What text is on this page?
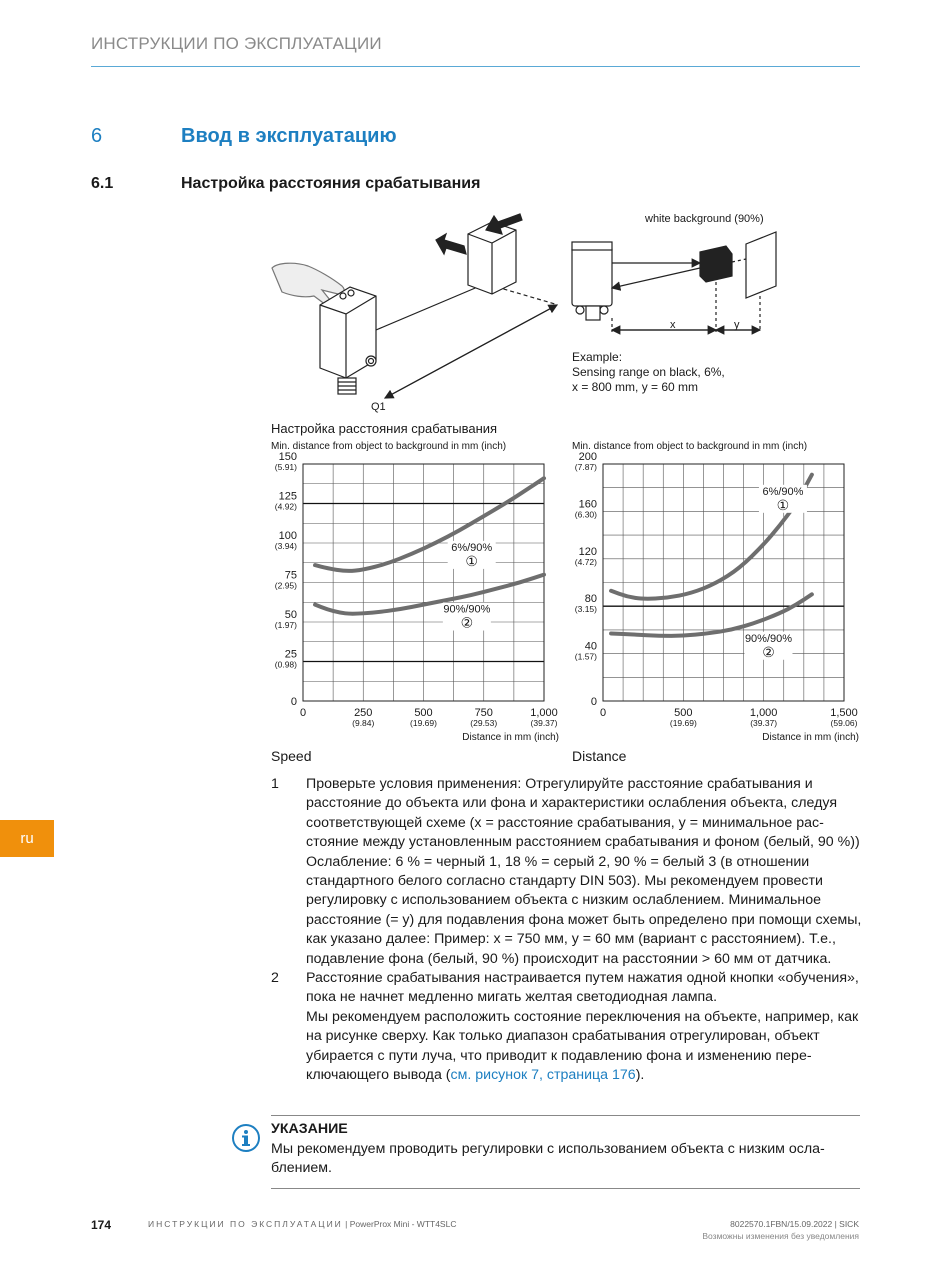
ИНСТРУКЦИИ ПО ЭКСПЛУАТАЦИИ
6	Ввод в эксплуатацию
6.1	Настройка расстояния срабатывания
ru
Q1
white background (90%)
x	y
Example:
Sensing range on black, 6%,
x = 800 mm, y = 60 mm
Настройка расстояния срабатывания
Min. distance from object to background in mm (inch)
Distance in mm (inch)
Speed
0
25
(0.98)
50
(1.97)
75
(2.95)
100
(3.94)
125
(4.92)
150
(5.91)
0	250
(9.84)
500
(19.69)
750
(29.53)
1,000
(39.37)
6%/90%
①
90%/90%
②
Min. distance from object to background in mm (inch)
Distance in mm (inch)
Distance
0
40
(1.57)
80
(3.15)
120
(4.72)
160
(6.30)
200
(7.87)
0	500
(19.69)
1,000
(39.37)
1,500
(59.06)
6%/90%
①
90%/90%
②
1	Проверьте условия применения: Отрегулируйте расстояние срабатывания и расстояние до объекта или фона и характеристики ослабления объекта, следуя соответствующей схеме (x = расстояние срабатывания, y = минимальное расстояние между установленным расстоянием срабатывания и фоном (белый, 90 %)) Ослабление: 6 % = черный 1, 18 % = серый 2, 90 % = белый 3 (в отношении стандартного белого согласно стандарту DIN 503). Мы рекомендуем провести регулировку с использованием объекта с низким ослаблением. Минимальное расстояние (= y) для подавления фона может быть определено при помощи схемы, как указано далее: Пример: x = 750 мм, y = 60 мм (вариант с расстоянием). Т.е., подавление фона (белый, 90 %) происходит на расстоянии > 60 мм от датчика.

2	Расстояние срабатывания настраивается путем нажатия одной кнопки «обучения», пока не начнет медленно мигать желтая светодиодная лампа.

Мы рекомендуем расположить состояние переключения на объекте, например, как на рисунке сверху. Как только диапазон срабатывания отрегулирован, объект убирается с пути луча, что приводит к подавлению фона и изменению переключающего вывода (см. рисунок 7, страница 176).

УКАЗАНИЕ
Мы рекомендуем проводить регулировки с использованием объекта с низким ослаблением.
174	ИНСТРУКЦИИ ПО ЭКСПЛУАТАЦИИ | PowerProx Mini - WTT4SLC	8022570.1FBN/15.09.2022 | SICK
Возможны изменения без уведомления
